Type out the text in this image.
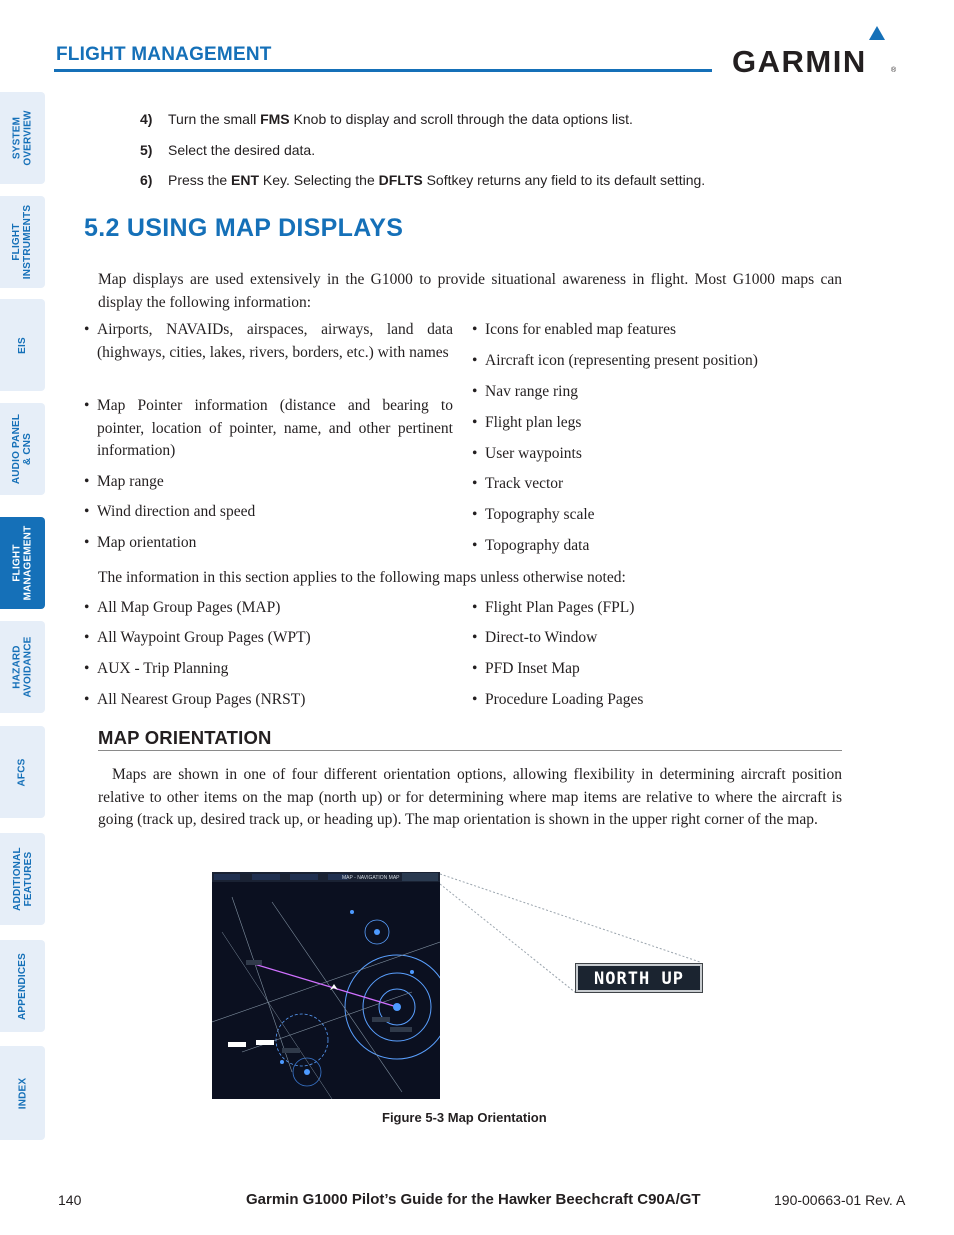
FLIGHT MANAGEMENT	GARMIN	®
SYSTEM
OVERVIEW
FLIGHT
INSTRUMENTS
EIS
AUDIO PANEL
& CNS
FLIGHT
MANAGEMENT
HAZARD
AVOIDANCE
AFCS
ADDITIONAL
FEATURES
APPENDICES
INDEX
4) Turn the small FMS Knob to display and scroll through the data options list.
5) Select the desired data.
6) Press the ENT Key. Selecting the DFLTS Softkey returns any field to its default setting.
5.2 USING MAP DISPLAYS
Map displays are used extensively in the G1000 to provide situational awareness in flight. Most G1000 maps can display the following information:
• Airports, NAVAIDs, airspaces, airways, land data (highways, cities, lakes, rivers, borders, etc.) with names
• Map Pointer information (distance and bearing to pointer, location of pointer, name, and other pertinent information)
• Map range
• Wind direction and speed
• Map orientation
• Icons for enabled map features
• Aircraft icon (representing present position)
• Nav range ring
• Flight plan legs
• User waypoints
• Track vector
• Topography scale
• Topography data
The information in this section applies to the following maps unless otherwise noted:
• All Map Group Pages (MAP)
• All Waypoint Group Pages (WPT)
• AUX - Trip Planning
• All Nearest Group Pages (NRST)
• Flight Plan Pages (FPL)
• Direct-to Window
• PFD Inset Map
• Procedure Loading Pages
MAP ORIENTATION
Maps are shown in one of four different orientation options, allowing flexibility in determining aircraft position relative to other items on the map (north up) or for determining where map items are relative to where the aircraft is going (track up, desired track up, or heading up). The map orientation is shown in the upper right corner of the map.
MAP - NAVIGATION MAP
NORTH UP
Figure 5-3 Map Orientation
140	Garmin G1000 Pilot’s Guide for the Hawker Beechcraft C90A/GT	190-00663-01 Rev. A
